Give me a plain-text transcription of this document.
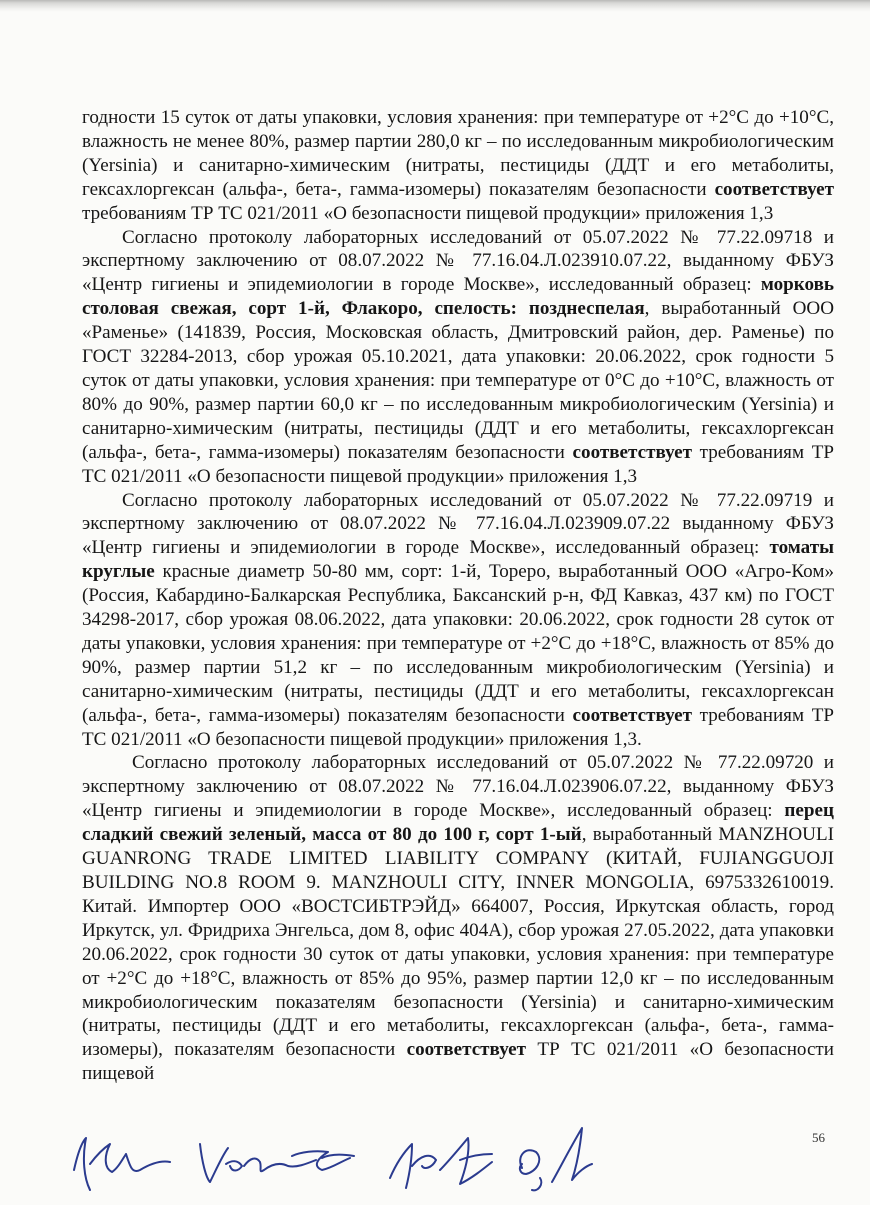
годности 15 суток от даты упаковки, условия хранения: при температуре от +2°С до +10°С, влажность не менее 80%, размер партии 280,0 кг – по исследованным микробиологическим (Yersinia) и санитарно-химическим (нитраты, пестициды (ДДТ и его метаболиты, гексахлоргексан (альфа-, бета-, гамма-изомеры) показателям безопасности соответствует требованиям ТР ТС 021/2011 «О безопасности пищевой продукции» приложения 1,3

Согласно протоколу лабораторных исследований от 05.07.2022 № 77.22.09718 и экспертному заключению от 08.07.2022 № 77.16.04.Л.023910.07.22, выданному ФБУЗ «Центр гигиены и эпидемиологии в городе Москве», исследованный образец: морковь столовая свежая, сорт 1-й, Флакоро, спелость: позднеспелая, выработанный ООО «Раменье» (141839, Россия, Московская область, Дмитровский район, дер. Раменье) по ГОСТ 32284-2013, сбор урожая 05.10.2021, дата упаковки: 20.06.2022, срок годности 5 суток от даты упаковки, условия хранения: при температуре от 0°С до +10°С, влажность от 80% до 90%, размер партии 60,0 кг – по исследованным микробиологическим (Yersinia) и санитарно-химическим (нитраты, пестициды (ДДТ и его метаболиты, гексахлоргексан (альфа-, бета-, гамма-изомеры) показателям безопасности соответствует требованиям ТР ТС 021/2011 «О безопасности пищевой продукции» приложения 1,3

Согласно протоколу лабораторных исследований от 05.07.2022 № 77.22.09719 и экспертному заключению от 08.07.2022 № 77.16.04.Л.023909.07.22 выданному ФБУЗ «Центр гигиены и эпидемиологии в городе Москве», исследованный образец: томаты круглые красные диаметр 50-80 мм, сорт: 1-й, Тореро, выработанный ООО «Агро-Ком» (Россия, Кабардино-Балкарская Республика, Баксанский р-н, ФД Кавказ, 437 км) по ГОСТ 34298-2017, сбор урожая 08.06.2022, дата упаковки: 20.06.2022, срок годности 28 суток от даты упаковки, условия хранения: при температуре от +2°С до +18°С, влажность от 85% до 90%, размер партии 51,2 кг – по исследованным микробиологическим (Yersinia) и санитарно-химическим (нитраты, пестициды (ДДТ и его метаболиты, гексахлоргексан (альфа-, бета-, гамма-изомеры) показателям безопасности соответствует требованиям ТР ТС 021/2011 «О безопасности пищевой продукции» приложения 1,3.

Согласно протоколу лабораторных исследований от 05.07.2022 № 77.22.09720 и экспертному заключению от 08.07.2022 № 77.16.04.Л.023906.07.22, выданному ФБУЗ «Центр гигиены и эпидемиологии в городе Москве», исследованный образец: перец сладкий свежий зеленый, масса от 80 до 100 г, сорт 1-ый, выработанный MANZHOULI GUANRONG TRADE LIMITED LIABILITY COMPANY (КИТАЙ, FUJIANGGUOJI BUILDING NO.8 ROOM 9. MANZHOULI CITY, INNER MONGOLIA, 6975332610019. Китай. Импортер ООО «ВОСТСИБТРЭЙД» 664007, Россия, Иркутская область, город Иркутск, ул. Фридриха Энгельса, дом 8, офис 404А), сбор урожая 27.05.2022, дата упаковки 20.06.2022, срок годности 30 суток от даты упаковки, условия хранения: при температуре от +2°С до +18°С, влажность от 85% до 95%, размер партии 12,0 кг – по исследованным микробиологическим показателям безопасности (Yersinia) и санитарно-химическим (нитраты, пестициды (ДДТ и его метаболиты, гексахлоргексан (альфа-, бета-, гамма-изомеры), показателям безопасности соответствует ТР ТС 021/2011 «О безопасности пищевой

56
